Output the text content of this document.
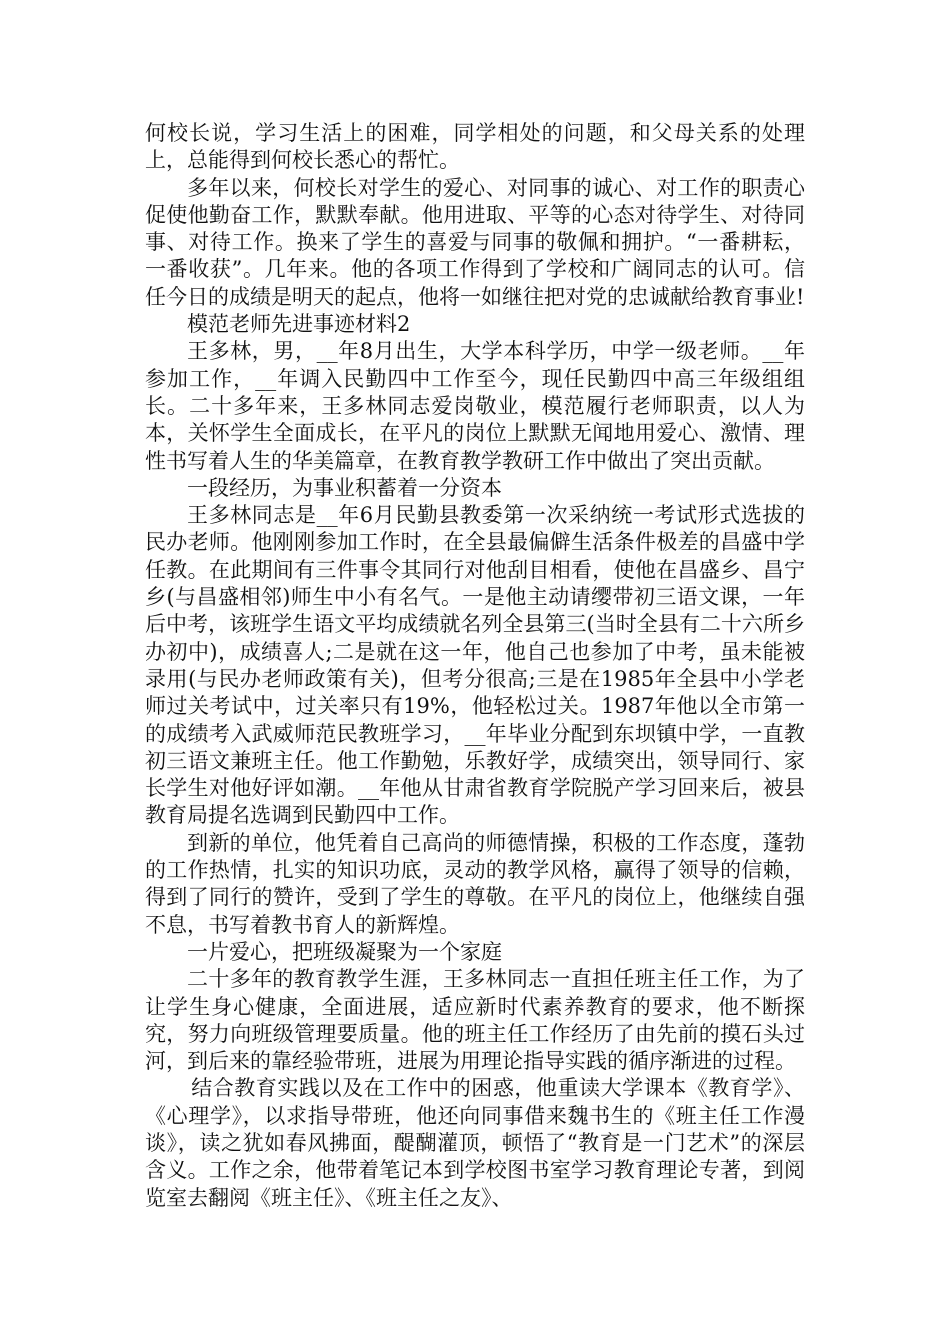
何校长说，学习生活上的困难，同学相处的问题，和父母关系的处理上，总能得到何校长悉心的帮忙。

多年以来，何校长对学生的爱心、对同事的诚心、对工作的职责心促使他勤奋工作，默默奉献。他用进取、平等的心态对待学生、对待同事、对待工作。换来了学生的喜爱与同事的敬佩和拥护。“一番耕耘，一番收获”。几年来。他的各项工作得到了学校和广阔同志的认可。信任今日的成绩是明天的起点，他将一如继往把对党的忠诚献给教育事业!

模范老师先进事迹材料2

王多林，男，__年8月出生，大学本科学历，中学一级老师。__年参加工作，__年调入民勤四中工作至今，现任民勤四中高三年级组组长。二十多年来，王多林同志爱岗敬业，模范履行老师职责，以人为本，关怀学生全面成长，在平凡的岗位上默默无闻地用爱心、激情、理性书写着人生的华美篇章，在教育教学教研工作中做出了突出贡献。

一段经历，为事业积蓄着一分资本

王多林同志是__年6月民勤县教委第一次采纳统一考试形式选拔的民办老师。他刚刚参加工作时，在全县最偏僻生活条件极差的昌盛中学任教。在此期间有三件事令其同行对他刮目相看，使他在昌盛乡、昌宁乡(与昌盛相邻)师生中小有名气。一是他主动请缨带初三语文课，一年后中考，该班学生语文平均成绩就名列全县第三(当时全县有二十六所乡办初中)，成绩喜人;二是就在这一年，他自己也参加了中考，虽未能被录用(与民办老师政策有关)，但考分很高;三是在1985年全县中小学老师过关考试中，过关率只有19%，他轻松过关。1987年他以全市第一的成绩考入武威师范民教班学习，__年毕业分配到东坝镇中学，一直教初三语文兼班主任。他工作勤勉，乐教好学，成绩突出，领导同行、家长学生对他好评如潮。__年他从甘肃省教育学院脱产学习回来后，被县教育局提名选调到民勤四中工作。

到新的单位，他凭着自己高尚的师德情操，积极的工作态度，蓬勃的工作热情，扎实的知识功底，灵动的教学风格，赢得了领导的信赖，得到了同行的赞许，受到了学生的尊敬。在平凡的岗位上，他继续自强不息，书写着教书育人的新辉煌。

一片爱心，把班级凝聚为一个家庭

二十多年的教育教学生涯，王多林同志一直担任班主任工作，为了让学生身心健康，全面进展，适应新时代素养教育的要求，他不断探究，努力向班级管理要质量。他的班主任工作经历了由先前的摸石头过河，到后来的靠经验带班，进展为用理论指导实践的循序渐进的过程。

结合教育实践以及在工作中的困惑，他重读大学课本《教育学》、《心理学》，以求指导带班，他还向同事借来魏书生的《班主任工作漫谈》，读之犹如春风拂面，醍醐灌顶，顿悟了“教育是一门艺术”的深层含义。工作之余，他带着笔记本到学校图书室学习教育理论专著，到阅览室去翻阅《班主任》、《班主任之友》、
